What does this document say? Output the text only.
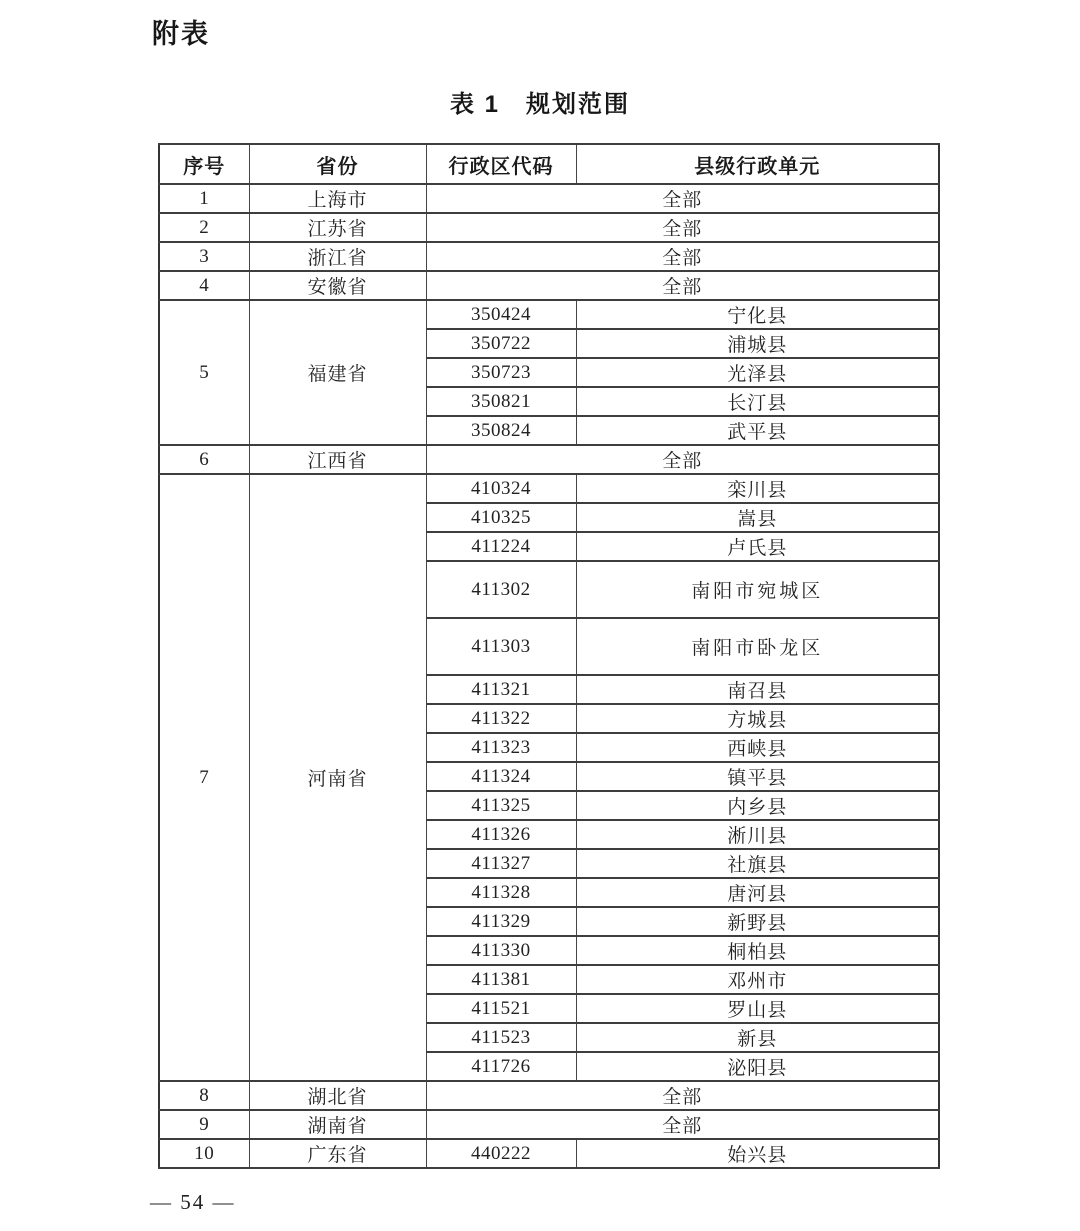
附表
表 1　规划范围
序号	省份	行政区代码	县级行政单元
1	上海市	全部	
2	江苏省	全部	
3	浙江省	全部	
4	安徽省	全部	
5	福建省	350424	宁化县
		350722	浦城县
		350723	光泽县
		350821	长汀县
		350824	武平县
6	江西省	全部	
7	河南省	410324	栾川县
		410325	嵩县
		411224	卢氏县
		411302	南阳市宛城区
		411303	南阳市卧龙区
		411321	南召县
		411322	方城县
		411323	西峡县
		411324	镇平县
		411325	内乡县
		411326	淅川县
		411327	社旗县
		411328	唐河县
		411329	新野县
		411330	桐柏县
		411381	邓州市
		411521	罗山县
		411523	新县
		411726	泌阳县
8	湖北省	全部	
9	湖南省	全部	
10	广东省	440222	始兴县
— 54 —
